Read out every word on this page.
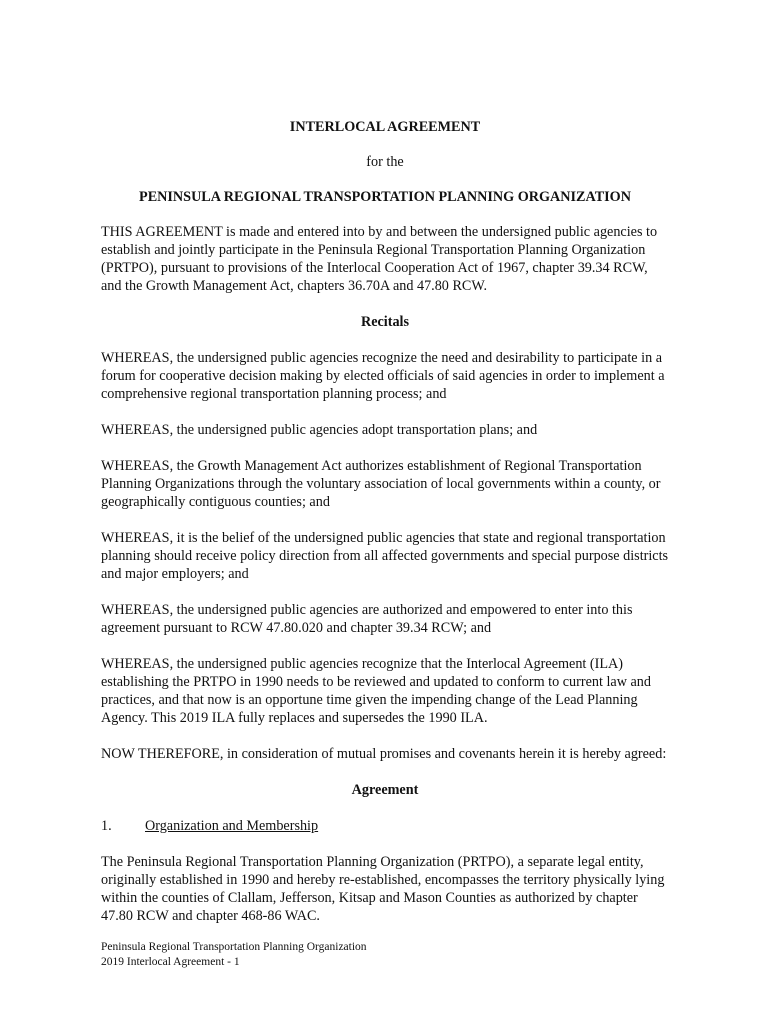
INTERLOCAL AGREEMENT
for the
PENINSULA REGIONAL TRANSPORTATION PLANNING ORGANIZATION

THIS AGREEMENT is made and entered into by and between the undersigned public agencies to establish and jointly participate in the Peninsula Regional Transportation Planning Organization (PRTPO), pursuant to provisions of the Interlocal Cooperation Act of 1967, chapter 39.34 RCW, and the Growth Management Act, chapters 36.70A and 47.80 RCW.

Recitals

WHEREAS, the undersigned public agencies recognize the need and desirability to participate in a forum for cooperative decision making by elected officials of said agencies in order to implement a comprehensive regional transportation planning process; and

WHEREAS, the undersigned public agencies adopt transportation plans; and

WHEREAS, the Growth Management Act authorizes establishment of Regional Transportation Planning Organizations through the voluntary association of local governments within a county, or geographically contiguous counties; and

WHEREAS, it is the belief of the undersigned public agencies that state and regional transportation planning should receive policy direction from all affected governments and special purpose districts and major employers; and

WHEREAS, the undersigned public agencies are authorized and empowered to enter into this agreement pursuant to RCW 47.80.020 and chapter 39.34 RCW; and

WHEREAS, the undersigned public agencies recognize that the Interlocal Agreement (ILA) establishing the PRTPO in 1990 needs to be reviewed and updated to conform to current law and practices, and that now is an opportune time given the impending change of the Lead Planning Agency. This 2019 ILA fully replaces and supersedes the 1990 ILA.

NOW THEREFORE, in consideration of mutual promises and covenants herein it is hereby agreed:

Agreement
1.	Organization and Membership

The Peninsula Regional Transportation Planning Organization (PRTPO), a separate legal entity, originally established in 1990 and hereby re-established, encompasses the territory physically lying within the counties of Clallam, Jefferson, Kitsap and Mason Counties as authorized by chapter 47.80 RCW and chapter 468-86 WAC.

Peninsula Regional Transportation Planning Organization
2019 Interlocal Agreement - 1
